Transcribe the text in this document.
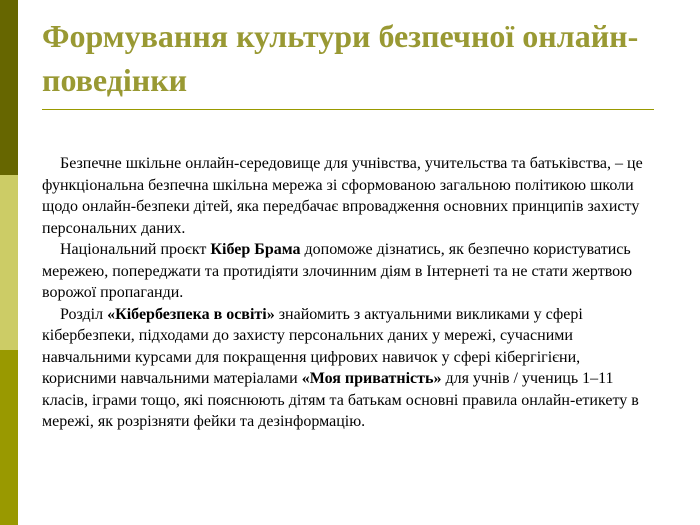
Формування культури безпечної онлайн-поведінки

Безпечне шкільне онлайн-середовище для учнівства, учительства та батьківства, – це функціональна безпечна шкільна мережа зі сформованою загальною політикою школи щодо онлайн-безпеки дітей, яка передбачає впровадження основних принципів захисту персональних даних.

Національний проєкт Кібер Брама допоможе дізнатись, як безпечно користуватись мережею, попереджати та протидіяти злочинним діям в Інтернеті та не стати жертвою ворожої пропаганди.

Розділ «Кібербезпека в освіті» знайомить з актуальними викликами у сфері кібербезпеки, підходами до захисту персональних даних у мережі, сучасними навчальними курсами для покращення цифрових навичок у сфері кібергігієни, корисними навчальними матеріалами «Моя приватність» для учнів / учениць 1–11 класів, іграми тощо, які пояснюють дітям та батькам основні правила онлайн-етикету в мережі, як розрізняти фейки та дезінформацію.
